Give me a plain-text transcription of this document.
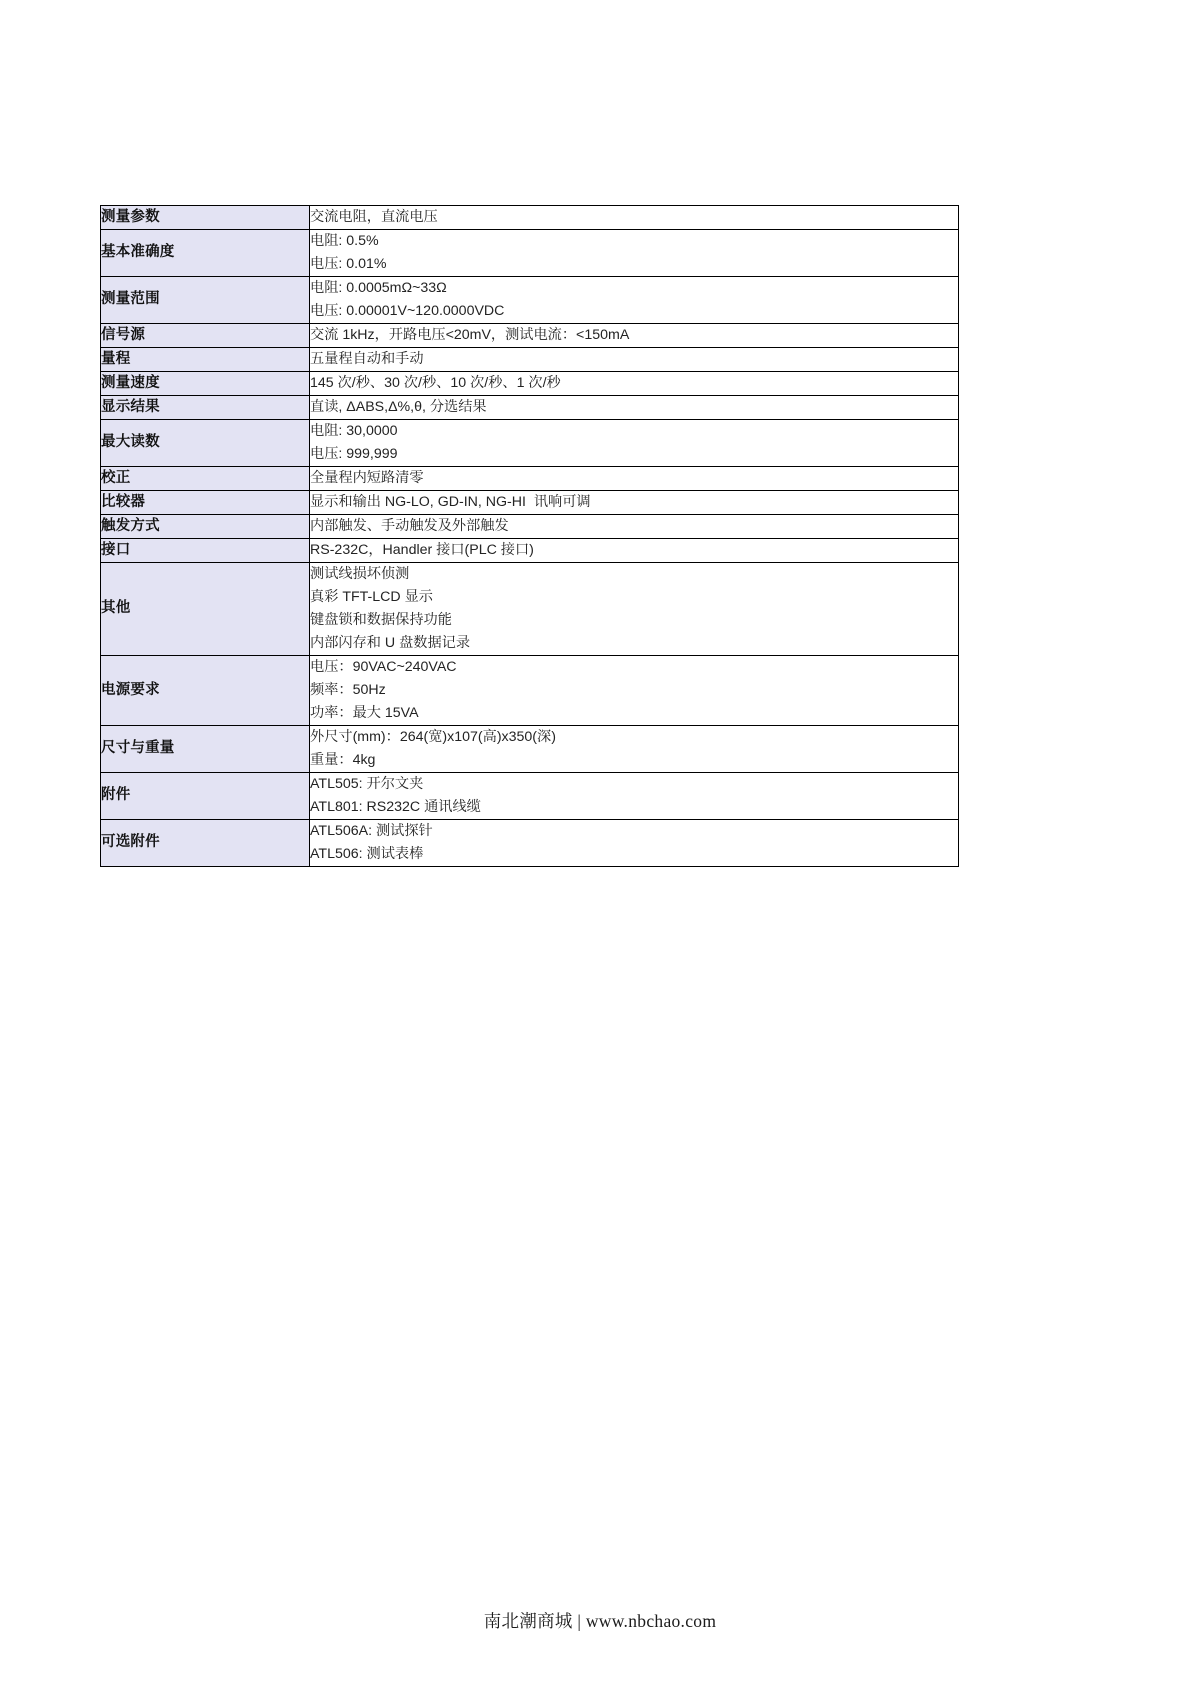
测量参数	交流电阻，直流电压

基本准确度	电阻: 0.5%
电压: 0.01%

测量范围	电阻: 0.0005mΩ~33Ω
电压: 0.00001V~120.0000VDC

信号源	交流 1kHz，开路电压<20mV，测试电流：<150mA

量程	五量程自动和手动

测量速度	145 次/秒、30 次/秒、10 次/秒、1 次/秒

显示结果	直读, ΔABS,Δ%,θ, 分选结果

最大读数	电阻: 30,0000
电压: 999,999

校正	全量程内短路清零

比较器	显示和输出 NG-LO, GD-IN, NG-HI  讯响可调

触发方式	内部触发、手动触发及外部触发

接口	RS-232C，Handler 接口(PLC 接口)

其他	测试线损坏侦测
真彩 TFT-LCD 显示
键盘锁和数据保持功能
内部闪存和 U 盘数据记录

电源要求	电压：90VAC~240VAC
频率：50Hz
功率：最大 15VA

尺寸与重量	外尺寸(mm)：264(宽)x107(高)x350(深)
重量：4kg

附件	ATL505: 开尔文夹
ATL801: RS232C 通讯线缆

可选附件	ATL506A: 测试探针
ATL506: 测试表棒
南北潮商城 | www.nbchao.com
